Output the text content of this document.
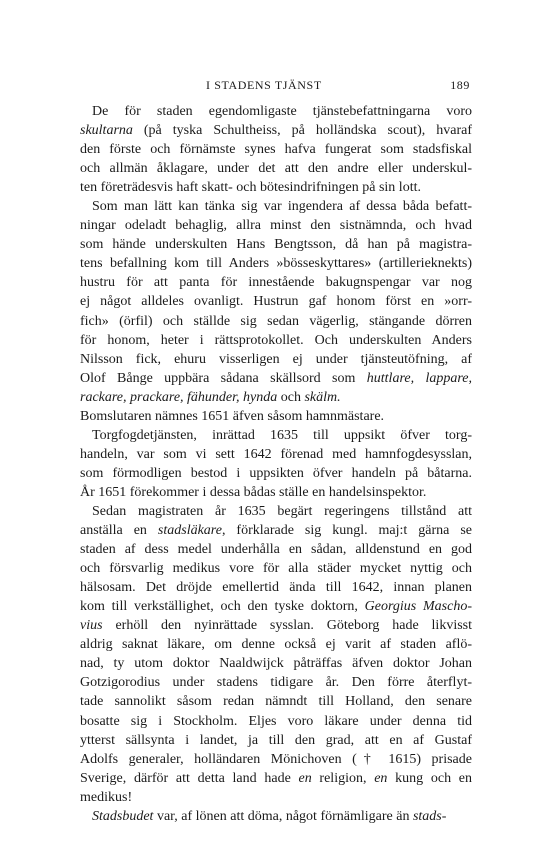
I STADENS TJÄNST	189
De för staden egendomligaste tjänstebefattningarna voro
skultarna (på tyska Schultheiss, på holländska scout), hvaraf
den förste och förnämste synes hafva fungerat som stadsfiskal
och allmän åklagare, under det att den andre eller underskul-
ten företrädesvis haft skatt- och bötesindrifningen på sin lott.
Som man lätt kan tänka sig var ingendera af dessa båda befatt-
ningar odeladt behaglig, allra minst den sistnämnda, och hvad
som hände underskulten Hans Bengtsson, då han på magistra-
tens befallning kom till Anders »bösseskyttares» (artillerieknekts)
hustru för att panta för innestående bakugnspengar var nog
ej något alldeles ovanligt. Hustrun gaf honom först en »orr-
fich» (örfil) och ställde sig sedan vägerlig, stängande dörren
för honom, heter i rättsprotokollet. Och underskulten Anders
Nilsson fick, ehuru visserligen ej under tjänsteutöfning, af
Olof Bånge uppbära sådana skällsord som huttlare, lappare,
rackare, prackare, fähunder, hynda och skälm.
Bomslutaren nämnes 1651 äfven såsom hamnmästare.
Torgfogdetjänsten, inrättad 1635 till uppsikt öfver torg-
handeln, var som vi sett 1642 förenad med hamnfogdesysslan,
som förmodligen bestod i uppsikten öfver handeln på båtarna.
År 1651 förekommer i dessa bådas ställe en handelsinspektor.
Sedan magistraten år 1635 begärt regeringens tillstånd att
anställa en stadsläkare, förklarade sig kungl. maj:t gärna se
staden af dess medel underhålla en sådan, alldenstund en god
och försvarlig medikus vore för alla städer mycket nyttig och
hälsosam. Det dröjde emellertid ända till 1642, innan planen
kom till verkställighet, och den tyske doktorn, Georgius Mascho-
vius erhöll den nyinrättade sysslan. Göteborg hade likvisst
aldrig saknat läkare, om denne också ej varit af staden aflö-
nad, ty utom doktor Naaldwijck påträffas äfven doktor Johan
Gotzigorodius under stadens tidigare år. Den förre återflyt-
tade sannolikt såsom redan nämndt till Holland, den senare
bosatte sig i Stockholm. Eljes voro läkare under denna tid
ytterst sällsynta i landet, ja till den grad, att en af Gustaf
Adolfs generaler, holländaren Mönichoven († 1615) prisade
Sverige, därför att detta land hade en religion, en kung och en
medikus!
Stadsbudet var, af lönen att döma, något förnämligare än stads-
